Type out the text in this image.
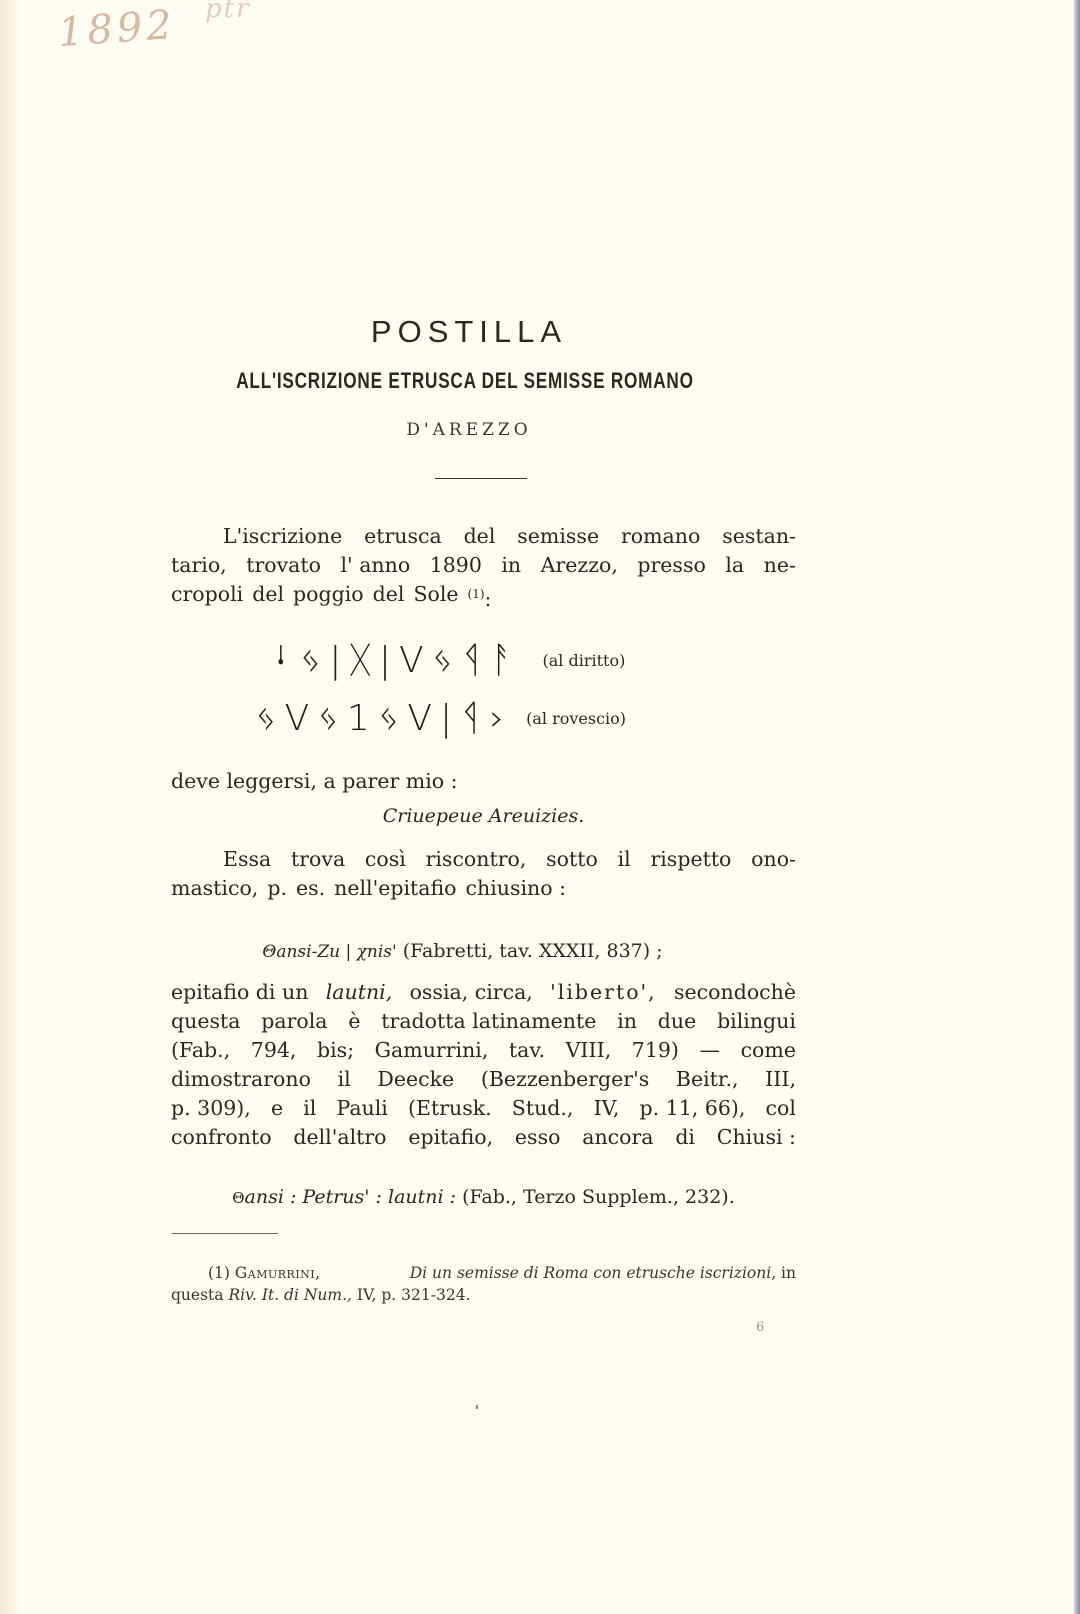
1892 ptr
POSTILLA
ALL'ISCRIZIONE ETRUSCA DEL SEMISSE ROMANO
D'AREZZO
L'iscrizione etrusca del semisse romano sestan-
tario, trovato l' anno 1890 in Arezzo, presso la ne-
cropoli del poggio del Sole $^{(1)}$:
ᛍᛃ|ᚷ|Vᛃᛩᚨ (al diritto)
ᛃVᛃ1ᛃV|ᛩ› (al rovescio)
deve leggersi, a parer mio :
Criuepeue Areuizies.
Essa trova così riscontro, sotto il rispetto ono-
mastico, p. es. nell'epitafio chiusino :
Θansi-Zu | χnis' (Fabretti, tav. XXXII, 837) ;
epitafio di un lautni, ossia, circa, 'liberto', secondochè
questa parola è tradotta latinamente in due bilingui
(Fab., 794, bis; Gamurrini, tav. VIII, 719) — come
dimostrarono il Deecke (Bezzenberger's Beitr., III,
p. 309), e il Pauli (Etrusk. Stud., IV, p. 11, 66), col
confronto dell'altro epitafio, esso ancora di Chiusi :
Θansi : Petrus' : lautni : (Fab., Terzo Supplem., 232).
(1) Gamurrini,	Di un semisse di Roma con etrusche iscrizioni, in
questa Riv. It. di Num., IV, p. 321-324.
6
